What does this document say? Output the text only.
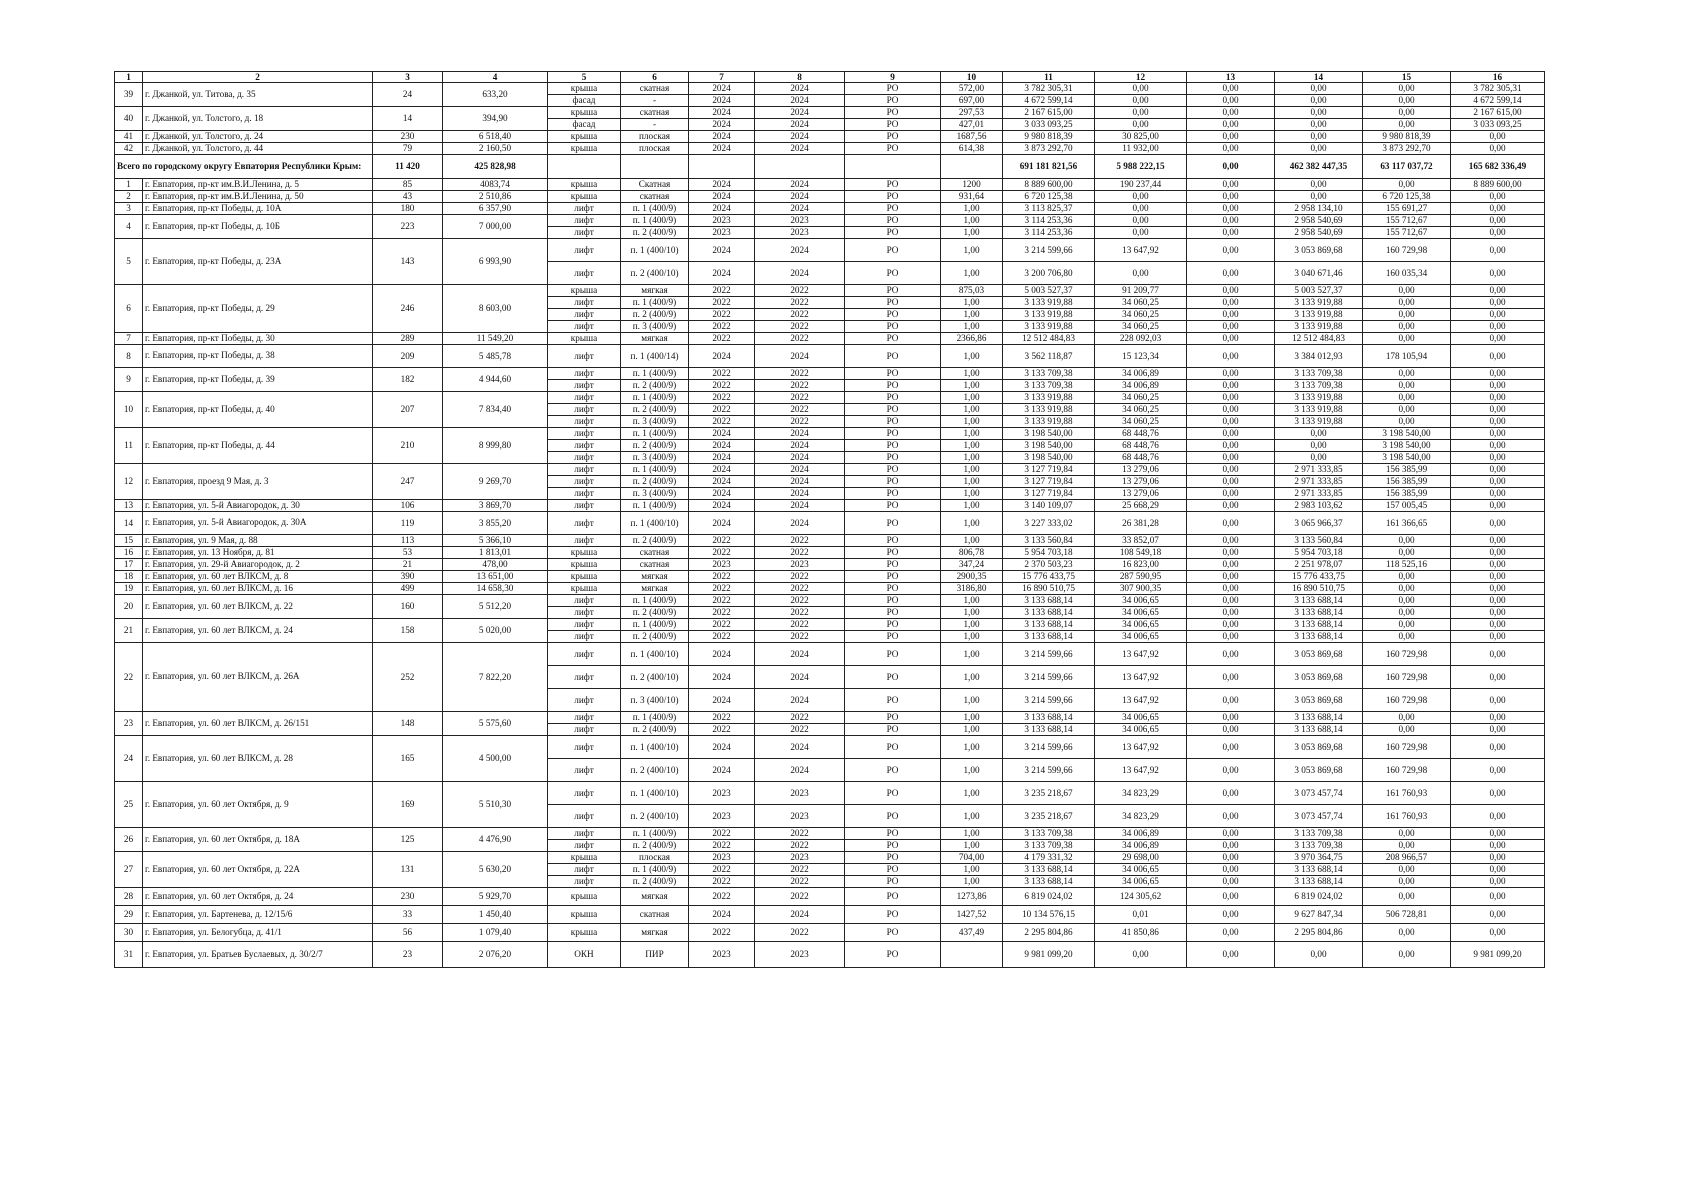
1	2	3	4	5	6	7	8	9	10	11	12	13	14	15	16
39	г. Джанкой, ул. Титова, д. 35	24	633,20	крыша	скатная	2024	2024	РО	572,00	3 782 305,31	0,00	0,00	0,00	0,00	3 782 305,31
				фасад	-	2024	2024	РО	697,00	4 672 599,14	0,00	0,00	0,00	0,00	4 672 599,14
40	г. Джанкой, ул. Толстого, д. 18	14	394,90	крыша	скатная	2024	2024	РО	297,53	2 167 615,00	0,00	0,00	0,00	0,00	2 167 615,00
				фасад	-	2024	2024	РО	427,01	3 033 093,25	0,00	0,00	0,00	0,00	3 033 093,25
41	г. Джанкой, ул. Толстого, д. 24	230	6 518,40	крыша	плоская	2024	2024	РО	1687,56	9 980 818,39	30 825,00	0,00	0,00	9 980 818,39	0,00
42	г. Джанкой, ул. Толстого, д. 44	79	2 160,50	крыша	плоская	2024	2024	РО	614,38	3 873 292,70	11 932,00	0,00	0,00	3 873 292,70	0,00
Всего по городскому округу Евпатория Республики Крым:		11 420	425 828,98							691 181 821,56	5 988 222,15	0,00	462 382 447,35	63 117 037,72	165 682 336,49
1	г. Евпатория, пр-кт им.В.И.Ленина, д. 5	85	4083,74	крыша	Скатная	2024	2024	РО	1200	8 889 600,00	190 237,44	0,00	0,00	0,00	8 889 600,00
2	г. Евпатория, пр-кт им.В.И.Ленина, д. 50	43	2 510,86	крыша	скатная	2024	2024	РО	931,64	6 720 125,38	0,00	0,00	0,00	6 720 125,38	0,00
3	г. Евпатория, пр-кт Победы, д. 10А	180	6 357,90	лифт	п. 1 (400/9)	2024	2024	РО	1,00	3 113 825,37	0,00	0,00	2 958 134,10	155 691,27	0,00
4	г. Евпатория, пр-кт Победы, д. 10Б	223	7 000,00	лифт	п. 1 (400/9)	2023	2023	РО	1,00	3 114 253,36	0,00	0,00	2 958 540,69	155 712,67	0,00
				лифт	п. 2 (400/9)	2023	2023	РО	1,00	3 114 253,36	0,00	0,00	2 958 540,69	155 712,67	0,00
5	г. Евпатория, пр-кт Победы, д. 23А	143	6 993,90	лифт	п. 1 (400/10)	2024	2024	РО	1,00	3 214 599,66	13 647,92	0,00	3 053 869,68	160 729,98	0,00
				лифт	п. 2 (400/10)	2024	2024	РО	1,00	3 200 706,80	0,00	0,00	3 040 671,46	160 035,34	0,00
6	г. Евпатория, пр-кт Победы, д. 29	246	8 603,00	крыша	мягкая	2022	2022	РО	875,03	5 003 527,37	91 209,77	0,00	5 003 527,37	0,00	0,00
				лифт	п. 1 (400/9)	2022	2022	РО	1,00	3 133 919,88	34 060,25	0,00	3 133 919,88	0,00	0,00
				лифт	п. 2 (400/9)	2022	2022	РО	1,00	3 133 919,88	34 060,25	0,00	3 133 919,88	0,00	0,00
				лифт	п. 3 (400/9)	2022	2022	РО	1,00	3 133 919,88	34 060,25	0,00	3 133 919,88	0,00	0,00
7	г. Евпатория, пр-кт Победы, д. 30	289	11 549,20	крыша	мягкая	2022	2022	РО	2366,86	12 512 484,83	228 092,03	0,00	12 512 484,83	0,00	0,00
8	г. Евпатория, пр-кт Победы, д. 38	209	5 485,78	лифт	п. 1 (400/14)	2024	2024	РО	1,00	3 562 118,87	15 123,34	0,00	3 384 012,93	178 105,94	0,00
9	г. Евпатория, пр-кт Победы, д. 39	182	4 944,60	лифт	п. 1 (400/9)	2022	2022	РО	1,00	3 133 709,38	34 006,89	0,00	3 133 709,38	0,00	0,00
				лифт	п. 2 (400/9)	2022	2022	РО	1,00	3 133 709,38	34 006,89	0,00	3 133 709,38	0,00	0,00
10	г. Евпатория, пр-кт Победы, д. 40	207	7 834,40	лифт	п. 1 (400/9)	2022	2022	РО	1,00	3 133 919,88	34 060,25	0,00	3 133 919,88	0,00	0,00
				лифт	п. 2 (400/9)	2022	2022	РО	1,00	3 133 919,88	34 060,25	0,00	3 133 919,88	0,00	0,00
				лифт	п. 3 (400/9)	2022	2022	РО	1,00	3 133 919,88	34 060,25	0,00	3 133 919,88	0,00	0,00
11	г. Евпатория, пр-кт Победы, д. 44	210	8 999,80	лифт	п. 1 (400/9)	2024	2024	РО	1,00	3 198 540,00	68 448,76	0,00	0,00	3 198 540,00	0,00
				лифт	п. 2 (400/9)	2024	2024	РО	1,00	3 198 540,00	68 448,76	0,00	0,00	3 198 540,00	0,00
				лифт	п. 3 (400/9)	2024	2024	РО	1,00	3 198 540,00	68 448,76	0,00	0,00	3 198 540,00	0,00
12	г. Евпатория, проезд 9 Мая, д. 3	247	9 269,70	лифт	п. 1 (400/9)	2024	2024	РО	1,00	3 127 719,84	13 279,06	0,00	2 971 333,85	156 385,99	0,00
				лифт	п. 2 (400/9)	2024	2024	РО	1,00	3 127 719,84	13 279,06	0,00	2 971 333,85	156 385,99	0,00
				лифт	п. 3 (400/9)	2024	2024	РО	1,00	3 127 719,84	13 279,06	0,00	2 971 333,85	156 385,99	0,00
13	г. Евпатория, ул. 5-й Авиагородок, д. 30	106	3 869,70	лифт	п. 1 (400/9)	2024	2024	РО	1,00	3 140 109,07	25 668,29	0,00	2 983 103,62	157 005,45	0,00
14	г. Евпатория, ул. 5-й Авиагородок, д. 30А	119	3 855,20	лифт	п. 1 (400/10)	2024	2024	РО	1,00	3 227 333,02	26 381,28	0,00	3 065 966,37	161 366,65	0,00
15	г. Евпатория, ул. 9 Мая, д. 88	113	5 366,10	лифт	п. 2 (400/9)	2022	2022	РО	1,00	3 133 560,84	33 852,07	0,00	3 133 560,84	0,00	0,00
16	г. Евпатория, ул. 13 Ноября, д. 81	53	1 813,01	крыша	скатная	2022	2022	РО	806,78	5 954 703,18	108 549,18	0,00	5 954 703,18	0,00	0,00
17	г. Евпатория, ул. 29-й Авиагородок, д. 2	21	478,00	крыша	скатная	2023	2023	РО	347,24	2 370 503,23	16 823,00	0,00	2 251 978,07	118 525,16	0,00
18	г. Евпатория, ул. 60 лет ВЛКСМ, д. 8	390	13 651,00	крыша	мягкая	2022	2022	РО	2900,35	15 776 433,75	287 590,95	0,00	15 776 433,75	0,00	0,00
19	г. Евпатория, ул. 60 лет ВЛКСМ, д. 16	499	14 658,30	крыша	мягкая	2022	2022	РО	3186,80	16 890 510,75	307 900,35	0,00	16 890 510,75	0,00	0,00
20	г. Евпатория, ул. 60 лет ВЛКСМ, д. 22	160	5 512,20	лифт	п. 1 (400/9)	2022	2022	РО	1,00	3 133 688,14	34 006,65	0,00	3 133 688,14	0,00	0,00
				лифт	п. 2 (400/9)	2022	2022	РО	1,00	3 133 688,14	34 006,65	0,00	3 133 688,14	0,00	0,00
21	г. Евпатория, ул. 60 лет ВЛКСМ, д. 24	158	5 020,00	лифт	п. 1 (400/9)	2022	2022	РО	1,00	3 133 688,14	34 006,65	0,00	3 133 688,14	0,00	0,00
				лифт	п. 2 (400/9)	2022	2022	РО	1,00	3 133 688,14	34 006,65	0,00	3 133 688,14	0,00	0,00
22	г. Евпатория, ул. 60 лет ВЛКСМ, д. 26А	252	7 822,20	лифт	п. 1 (400/10)	2024	2024	РО	1,00	3 214 599,66	13 647,92	0,00	3 053 869,68	160 729,98	0,00
				лифт	п. 2 (400/10)	2024	2024	РО	1,00	3 214 599,66	13 647,92	0,00	3 053 869,68	160 729,98	0,00
				лифт	п. 3 (400/10)	2024	2024	РО	1,00	3 214 599,66	13 647,92	0,00	3 053 869,68	160 729,98	0,00
23	г. Евпатория, ул. 60 лет ВЛКСМ, д. 26/151	148	5 575,60	лифт	п. 1 (400/9)	2022	2022	РО	1,00	3 133 688,14	34 006,65	0,00	3 133 688,14	0,00	0,00
				лифт	п. 2 (400/9)	2022	2022	РО	1,00	3 133 688,14	34 006,65	0,00	3 133 688,14	0,00	0,00
24	г. Евпатория, ул. 60 лет ВЛКСМ, д. 28	165	4 500,00	лифт	п. 1 (400/10)	2024	2024	РО	1,00	3 214 599,66	13 647,92	0,00	3 053 869,68	160 729,98	0,00
				лифт	п. 2 (400/10)	2024	2024	РО	1,00	3 214 599,66	13 647,92	0,00	3 053 869,68	160 729,98	0,00
25	г. Евпатория, ул. 60 лет Октября, д. 9	169	5 510,30	лифт	п. 1 (400/10)	2023	2023	РО	1,00	3 235 218,67	34 823,29	0,00	3 073 457,74	161 760,93	0,00
				лифт	п. 2 (400/10)	2023	2023	РО	1,00	3 235 218,67	34 823,29	0,00	3 073 457,74	161 760,93	0,00
26	г. Евпатория, ул. 60 лет Октября, д. 18А	125	4 476,90	лифт	п. 1 (400/9)	2022	2022	РО	1,00	3 133 709,38	34 006,89	0,00	3 133 709,38	0,00	0,00
				лифт	п. 2 (400/9)	2022	2022	РО	1,00	3 133 709,38	34 006,89	0,00	3 133 709,38	0,00	0,00
27	г. Евпатория, ул. 60 лет Октября, д. 22А	131	5 630,20	крыша	плоская	2023	2023	РО	704,00	4 179 331,32	29 698,00	0,00	3 970 364,75	208 966,57	0,00
				лифт	п. 1 (400/9)	2022	2022	РО	1,00	3 133 688,14	34 006,65	0,00	3 133 688,14	0,00	0,00
				лифт	п. 2 (400/9)	2022	2022	РО	1,00	3 133 688,14	34 006,65	0,00	3 133 688,14	0,00	0,00
28	г. Евпатория, ул. 60 лет Октября, д. 24	230	5 929,70	крыша	мягкая	2022	2022	РО	1273,86	6 819 024,02	124 305,62	0,00	6 819 024,02	0,00	0,00
29	г. Евпатория, ул. Бартенева, д. 12/15/6	33	1 450,40	крыша	скатная	2024	2024	РО	1427,52	10 134 576,15	0,01	0,00	9 627 847,34	506 728,81	0,00
30	г. Евпатория, ул. Белогубца, д. 41/1	56	1 079,40	крыша	мягкая	2022	2022	РО	437,49	2 295 804,86	41 850,86	0,00	2 295 804,86	0,00	0,00
31	г. Евпатория, ул. Братьев Буслаевых, д. 30/2/7	23	2 076,20	ОКН	ПИР	2023	2023	РО		9 981 099,20	0,00	0,00	0,00	0,00	9 981 099,20
